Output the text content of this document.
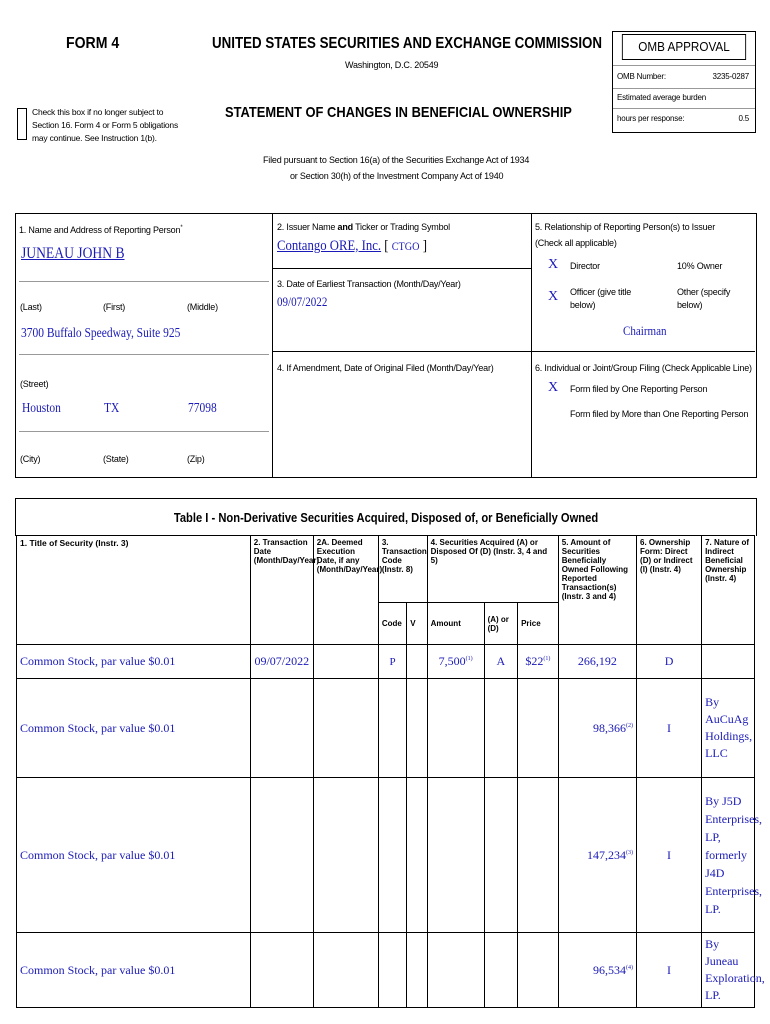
FORM 4	UNITED STATES SECURITIES AND EXCHANGE COMMISSION
Washington, D.C. 20549
STATEMENT OF CHANGES IN BENEFICIAL OWNERSHIP
Filed pursuant to Section 16(a) of the Securities Exchange Act of 1934
or Section 30(h) of the Investment Company Act of 1940
Check this box if no longer subject to
Section 16. Form 4 or Form 5 obligations
may continue. See Instruction 1(b).
OMB APPROVAL
OMB Number:	3235-0287
Estimated average burden
hours per response:	0.5
1. Name and Address of Reporting Person*
JUNEAU JOHN B
(Last)	(First)	(Middle)
3700 Buffalo Speedway, Suite 925
(Street)
Houston	TX	77098
(City)	(State)	(Zip)
2. Issuer Name and Ticker or Trading Symbol
Contango ORE, Inc. [ CTGO ]
3. Date of Earliest Transaction (Month/Day/Year)
09/07/2022
4. If Amendment, Date of Original Filed (Month/Day/Year)
5. Relationship of Reporting Person(s) to Issuer
(Check all applicable)
X Director	10% Owner
X Officer (give title
below)
Other (specify
below)
Chairman
6. Individual or Joint/Group Filing (Check Applicable Line)
X Form filed by One Reporting Person
Form filed by More than One Reporting Person
Table I - Non-Derivative Securities Acquired, Disposed of, or Beneficially Owned
1. Title of Security (Instr. 3)	2. Transaction Date (Month/Day/Year)	2A. Deemed Execution Date, if any (Month/Day/Year)	3. Transaction Code (Instr. 8)		4. Securities Acquired (A) or Disposed Of (D) (Instr. 3, 4 and 5)			5. Amount of Securities Beneficially Owned Following Reported Transaction(s) (Instr. 3 and 4)	6. Ownership Form: Direct (D) or Indirect (I) (Instr. 4)	7. Nature of Indirect Beneficial Ownership (Instr. 4)
			Code	V	Amount	(A) or (D)	Price			
Common Stock, par value $0.01	09/07/2022		P		7,500$^{(1)}$	A	$22$^{(1)}$	266,192	D	
Common Stock, par value $0.01								98,366$^{(2)}$	I	By AuCuAg Holdings, LLC
Common Stock, par value $0.01								147,234$^{(3)}$	I	By J5D Enterprises, LP, formerly J4D Enterprises, LP.
Common Stock, par value $0.01								96,534$^{(4)}$	I	By Juneau Exploration, LP.
